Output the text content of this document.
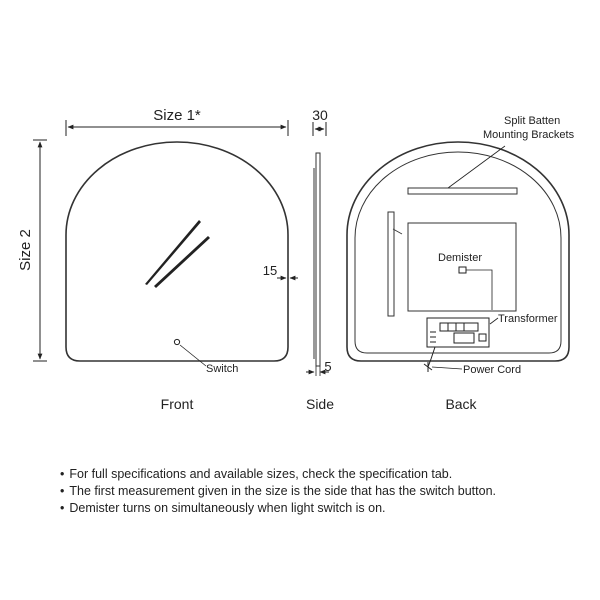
Size 1*
Size 2	15
Switch
Front
30
5
Side
Split Batten
Mounting Brackets
Demister
Transformer
Power Cord
Back
• For full specifications and available sizes, check the specification tab.
• The first measurement given in the size is the side that has the switch button.
• Demister turns on simultaneously when light switch is on.
